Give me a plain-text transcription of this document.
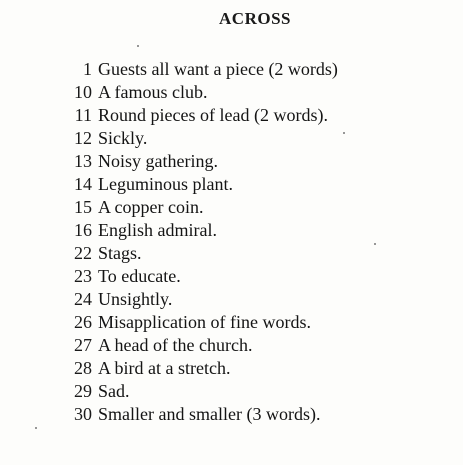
ACROSS
1 Guests all want a piece (2 words)
10 A famous club.
11 Round pieces of lead (2 words).
12 Sickly.
13 Noisy gathering.
14 Leguminous plant.
15 A copper coin.
16 English admiral.
22 Stags.
23 To educate.
24 Unsightly.
26 Misapplication of fine words.
27 A head of the church.
28 A bird at a stretch.
29 Sad.
30 Smaller and smaller (3 words).
